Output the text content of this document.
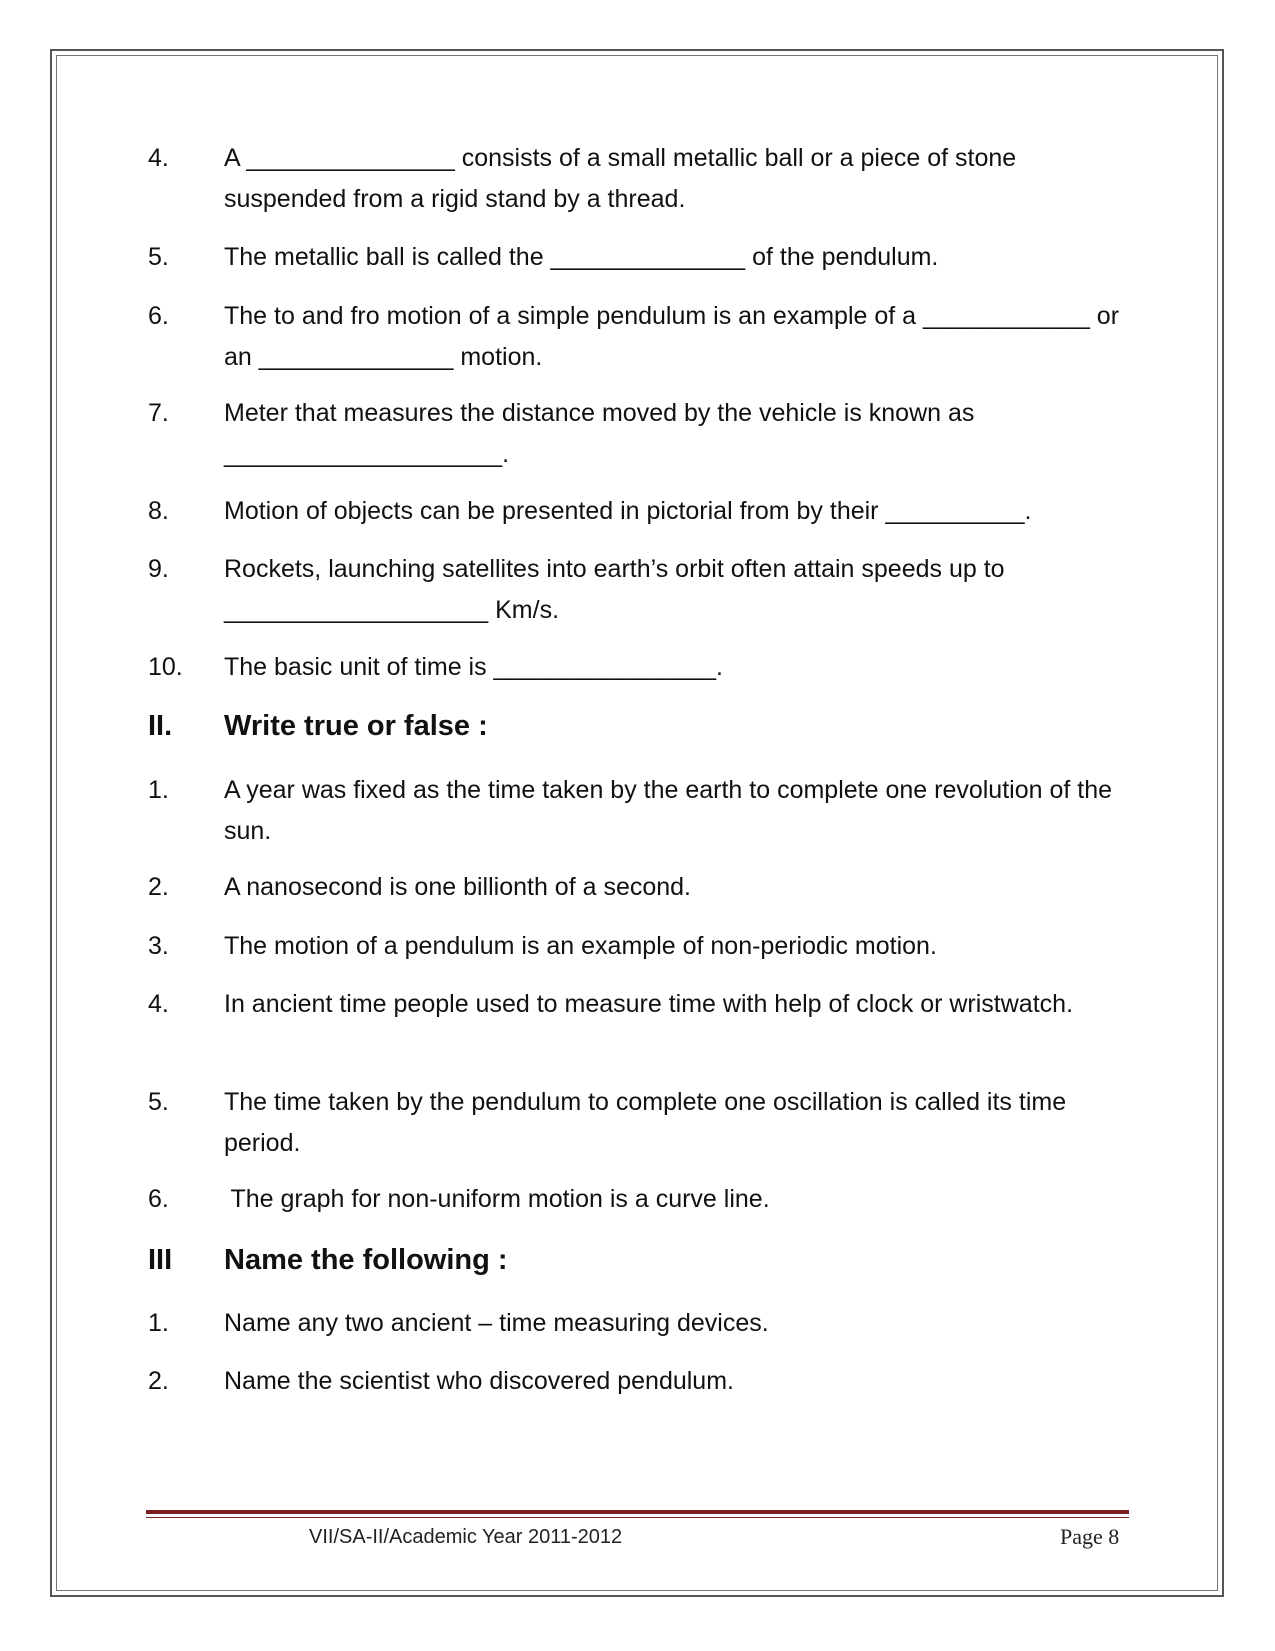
4. A _______________ consists of a small metallic ball or a piece of stone suspended from a rigid stand by a thread.
5. The metallic ball is called the ______________ of the pendulum.
6. The to and fro motion of a simple pendulum is an example of a ____________ or an ______________ motion.
7. Meter that measures the distance moved by the vehicle is known as ____________________.
8. Motion of objects can be presented in pictorial from by their __________.
9. Rockets, launching satellites into earth’s orbit often attain speeds up to ___________________ Km/s.
10. The basic unit of time is ________________.
II. Write true or false :
1. A year was fixed as the time taken by the earth to complete one revolution of the sun.
2. A nanosecond is one billionth of a second.
3. The motion of a pendulum is an example of non-periodic motion.
4. In ancient time people used to measure time with help of clock or wristwatch.
5. The time taken by the pendulum to complete one oscillation is called its time period.
6. The graph for non-uniform motion is a curve line.
III Name the following :
1. Name any two ancient – time measuring devices.
2. Name the scientist who discovered pendulum.
VII/SA-II/Academic Year 2011-2012	Page 8
